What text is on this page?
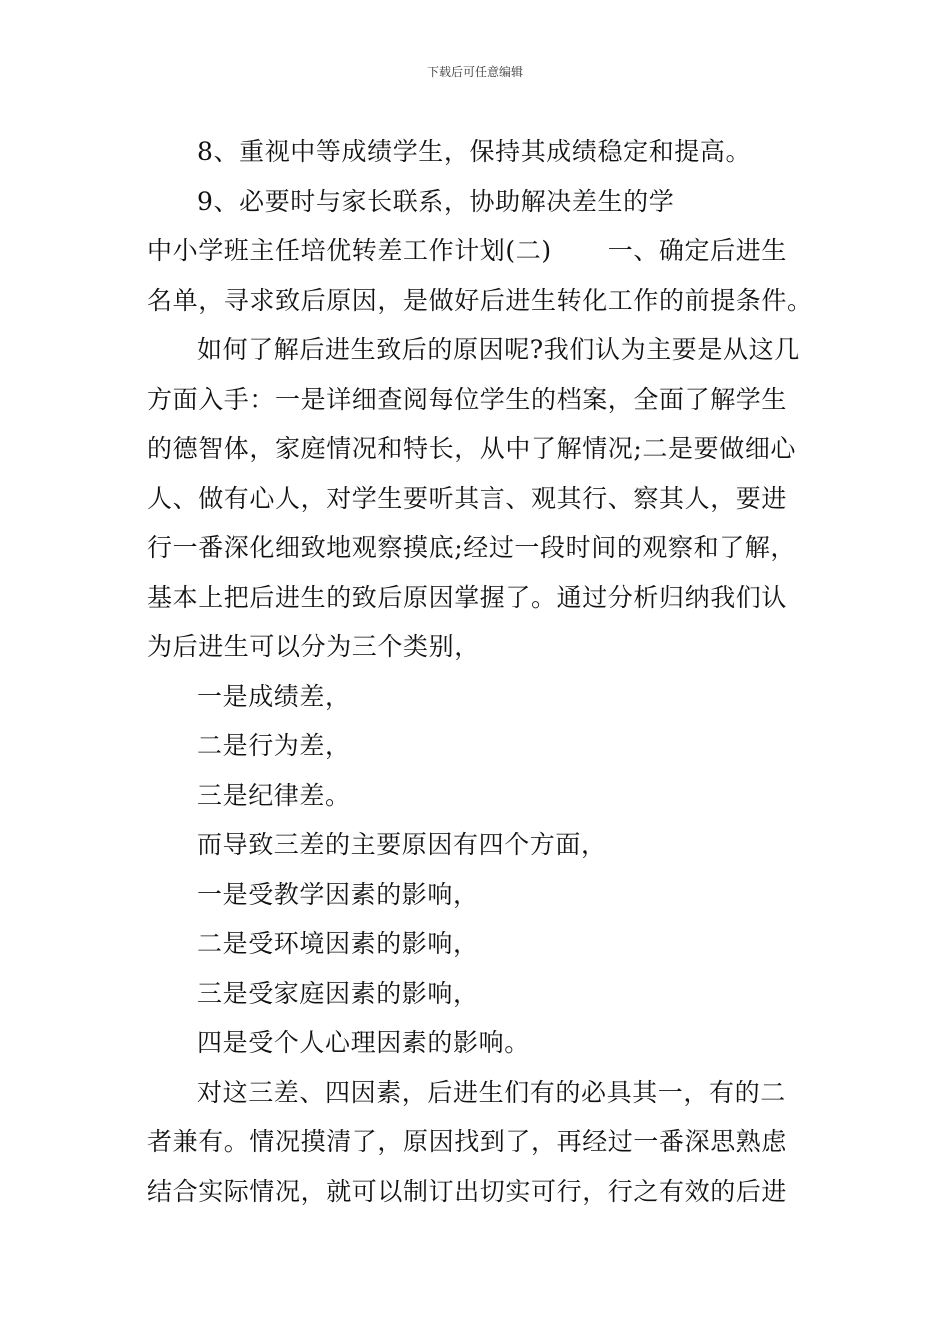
下载后可任意编辑
8、重视中等成绩学生，保持其成绩稳定和提高。
9、必要时与家长联系，协助解决差生的学
中小学班主任培优转差工作计划(二) 一、确定后进生
名单，寻求致后原因，是做好后进生转化工作的前提条件。
如何了解后进生致后的原因呢?我们认为主要是从这几
方面入手：一是详细查阅每位学生的档案，全面了解学生
的德智体，家庭情况和特长，从中了解情况;二是要做细心
人、做有心人，对学生要听其言、观其行、察其人，要进
行一番深化细致地观察摸底;经过一段时间的观察和了解，
基本上把后进生的致后原因掌握了。通过分析归纳我们认
为后进生可以分为三个类别，
一是成绩差，
二是行为差，
三是纪律差。
而导致三差的主要原因有四个方面，
一是受教学因素的影响，
二是受环境因素的影响，
三是受家庭因素的影响，
四是受个人心理因素的影响。
对这三差、四因素，后进生们有的必具其一，有的二
者兼有。情况摸清了，原因找到了，再经过一番深思熟虑
结合实际情况，就可以制订出切实可行，行之有效的后进
